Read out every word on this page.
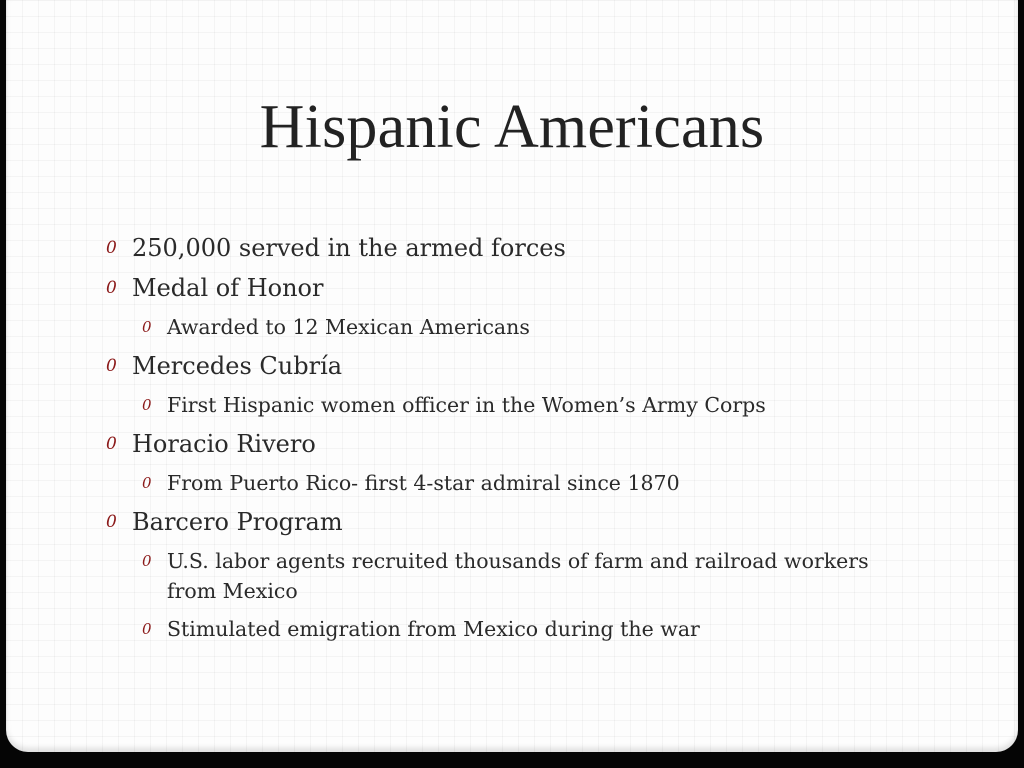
Hispanic Americans
0 250,000 served in the armed forces
0 Medal of Honor
0 Awarded to 12 Mexican Americans
0 Mercedes Cubría
0 First Hispanic women officer in the Women’s Army Corps
0 Horacio Rivero
0 From Puerto Rico- first 4-star admiral since 1870
0 Barcero Program
0 U.S. labor agents recruited thousands of farm and railroad workers from Mexico
0 Stimulated emigration from Mexico during the war
